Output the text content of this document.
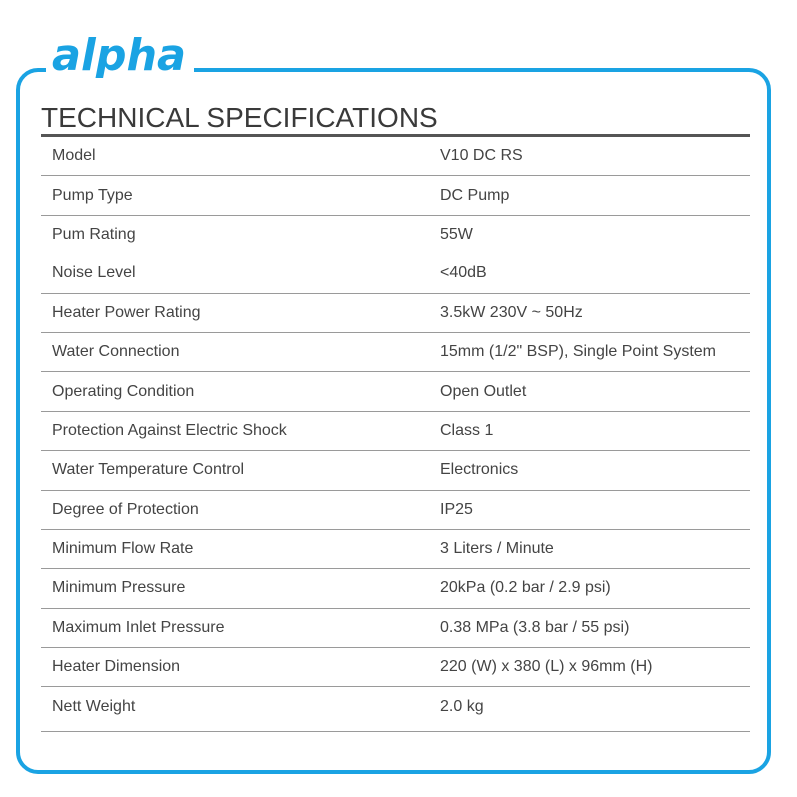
alpha
TECHNICAL SPECIFICATIONS
Model	V10 DC RS
Pump Type	DC Pump
Pum Rating	55W
Noise Level	<40dB
Heater Power Rating	3.5kW 230V ~ 50Hz
Water Connection	15mm (1/2" BSP), Single Point System
Operating Condition	Open Outlet
Protection Against Electric Shock	Class 1
Water Temperature Control	Electronics
Degree of Protection	IP25
Minimum Flow Rate	3 Liters / Minute
Minimum Pressure	20kPa (0.2 bar / 2.9 psi)
Maximum Inlet Pressure	0.38 MPa (3.8 bar / 55 psi)
Heater Dimension	220 (W) x 380 (L) x 96mm (H)
Nett Weight	2.0 kg
